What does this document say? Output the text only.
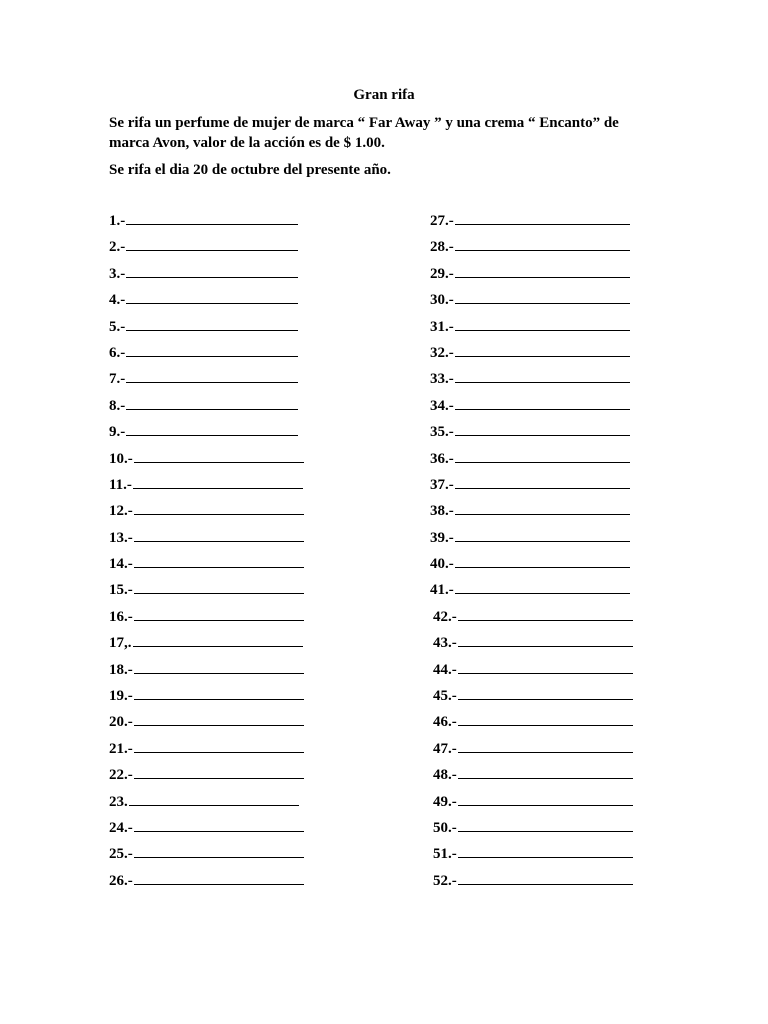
Gran rifa
Se rifa un perfume de mujer de marca “ Far Away ” y una crema “ Encanto” de marca Avon, valor de la acción es de $ 1.00.
Se rifa el dia 20 de octubre del presente año.
1.-
2.-
3.-
4.-
5.-
6.-
7.-
8.-
9.-
10.-
11.-
12.-
13.-
14.-
15.-
16.-
17,.
18.-
19.-
20.-
21.-
22.-
23.
24.-
25.-
26.-
27.-
28.-
29.-
30.-
31.-
32.-
33.-
34.-
35.-
36.-
37.-
38.-
39.-
40.-
41.-
42.-
43.-
44.-
45.-
46.-
47.-
48.-
49.-
50.-
51.-
52.-
